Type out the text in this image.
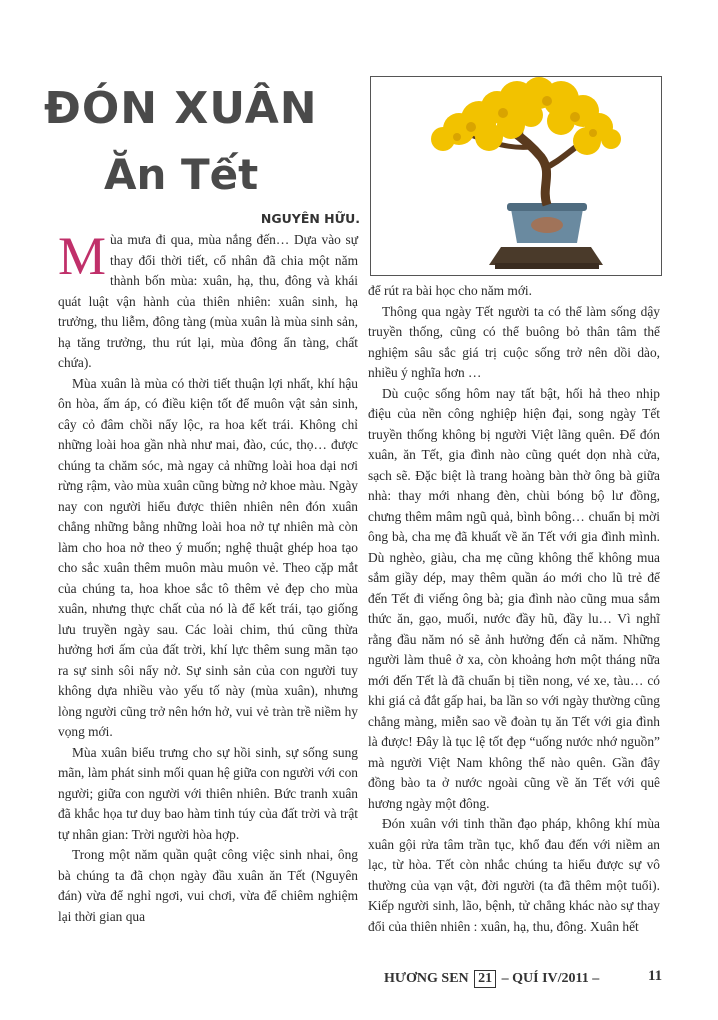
ĐÓN XUÂN
Ăn Tết
NGUYÊN HỮU.

Mùa mưa đi qua, mùa nắng đến… Dựa vào sự thay đổi thời tiết, cổ nhân đã chia một năm thành bốn mùa: xuân, hạ, thu, đông và khái quát luật vận hành của thiên nhiên: xuân sinh, hạ trưởng, thu liễm, đông tàng (mùa xuân là mùa sinh sản, hạ tăng trưởng, thu rút lại, mùa đông ẩn tàng, chất chứa).

Mùa xuân là mùa có thời tiết thuận lợi nhất, khí hậu ôn hòa, ấm áp, có điều kiện tốt để muôn vật sản sinh, cây cỏ đâm chồi nẩy lộc, ra hoa kết trái. Không chỉ những loài hoa gần nhà như mai, đào, cúc, thọ… được chúng ta chăm sóc, mà ngay cả những loài hoa dại nơi rừng rậm, vào mùa xuân cũng bừng nở khoe màu. Ngày nay con người hiểu được thiên nhiên nên đón xuân chẳng những bằng những loài hoa nở tự nhiên mà còn làm cho hoa nở theo ý muốn; nghệ thuật ghép hoa tạo cho sắc xuân thêm muôn màu muôn vẻ. Theo cặp mắt của chúng ta, hoa khoe sắc tô thêm vẻ đẹp cho mùa xuân, nhưng thực chất của nó là để kết trái, tạo giống lưu truyền ngày sau. Các loài chim, thú cũng thừa hưởng hơi ấm của đất trời, khí lực thêm sung mãn tạo ra sự sinh sôi nẩy nở. Sự sinh sản của con người tuy không dựa nhiều vào yếu tố này (mùa xuân), nhưng lòng người cũng trở nên hớn hở, vui vẻ tràn trề niềm hy vọng mới.

Mùa xuân biểu trưng cho sự hồi sinh, sự sống sung mãn, làm phát sinh mối quan hệ giữa con người với con người; giữa con người với thiên nhiên. Bức tranh xuân đã khắc họa tư duy bao hàm tinh túy của đất trời và trật tự nhân gian: Trời người hòa hợp.

Trong một năm quần quật công việc sinh nhai, ông bà chúng ta đã chọn ngày đầu xuân ăn Tết (Nguyên đán) vừa để nghỉ ngơi, vui chơi, vừa để chiêm nghiệm lại thời gian qua

để rút ra bài học cho năm mới.

Thông qua ngày Tết người ta có thể làm sống dậy truyền thống, cũng có thể buông bỏ thân tâm thể nghiệm sâu sắc giá trị cuộc sống trở nên dồi dào, nhiều ý nghĩa hơn …

Dù cuộc sống hôm nay tất bật, hối hả theo nhịp điệu của nền công nghiệp hiện đại, song ngày Tết truyền thống không bị người Việt lãng quên. Để đón xuân, ăn Tết, gia đình nào cũng quét dọn nhà cửa, sạch sẽ. Đặc biệt là trang hoàng bàn thờ ông bà giữa nhà: thay mới nhang đèn, chùi bóng bộ lư đồng, chưng thêm mâm ngũ quả, bình bông… chuẩn bị mời ông bà, cha mẹ đã khuất về ăn Tết với gia đình mình. Dù nghèo, giàu, cha mẹ cũng không thể không mua sắm giầy dép, may thêm quần áo mới cho lũ trẻ để đến Tết đi viếng ông bà; gia đình nào cũng mua sắm thức ăn, gạo, muối, nước đầy hũ, đầy lu… Vì nghĩ rằng đầu năm nó sẽ ảnh hưởng đến cả năm. Những người làm thuê ở xa, còn khoảng hơn một tháng nữa mới đến Tết là đã chuẩn bị tiền nong, vé xe, tàu… có khi giá cả đắt gấp hai, ba lần so với ngày thường cũng chẳng màng, miễn sao về đoàn tụ ăn Tết với gia đình là được! Đây là tục lệ tốt đẹp “uống nước nhớ nguồn” mà người Việt Nam không thể nào quên. Gần đây đồng bào ta ở nước ngoài cũng về ăn Tết với quê hương ngày một đông.

Đón xuân với tinh thần đạo pháp, không khí mùa xuân gội rửa tâm trần tục, khổ đau đến với niềm an lạc, từ hòa. Tết còn nhắc chúng ta hiểu được sự vô thường của vạn vật, đời người (ta đã thêm một tuổi). Kiếp người sinh, lão, bệnh, tử chẳng khác nào sự thay đổi của thiên nhiên : xuân, hạ, thu, đông. Xuân hết

HƯƠNG SEN 21 – QUÍ IV/2011 –	11
